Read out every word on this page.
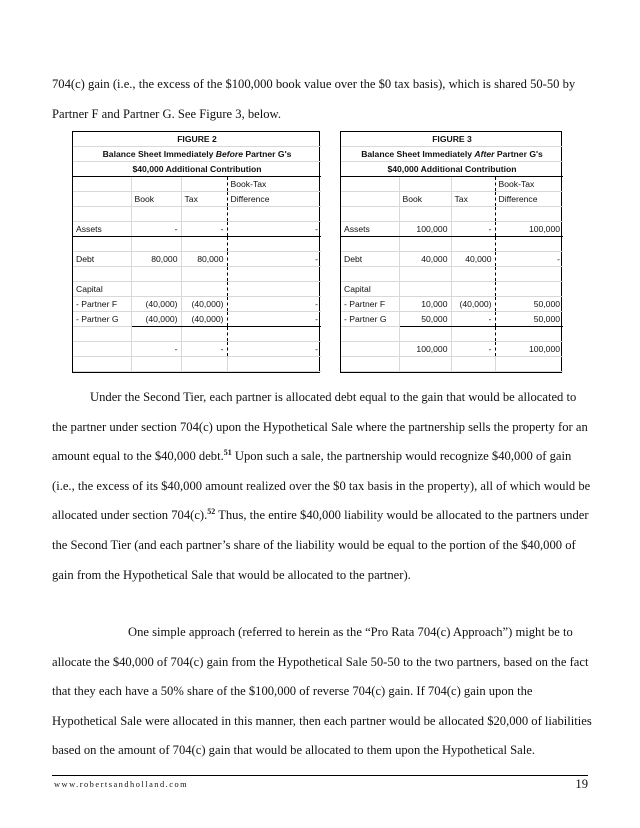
704(c) gain (i.e., the excess of the $100,000 book value over the $0 tax basis), which is shared 50-50 by
Partner F and Partner G. See Figure 3, below.

FIGURE 2			
Balance Sheet Immediately Before Partner G's			
$40,000 Additional Contribution			
			Book-Tax
	Book	Tax	Difference

Assets	-	-	-

Debt	80,000	80,000	-

Capital			
- Partner F	(40,000)	(40,000)	-
- Partner G	(40,000)	(40,000)	-

	-	-	-

FIGURE 3			
Balance Sheet Immediately After Partner G's			
$40,000 Additional Contribution			
			Book-Tax
	Book	Tax	Difference

Assets	100,000	-	100,000

Debt	40,000	40,000	-

Capital			
- Partner F	10,000	(40,000)	50,000
- Partner G	50,000	-	50,000

	100,000	-	100,000

Under the Second Tier, each partner is allocated debt equal to the gain that would be allocated to the partner under section 704(c) upon the Hypothetical Sale where the partnership sells the property for an amount equal to the $40,000 debt.$^{51}$ Upon such a sale, the partnership would recognize $40,000 of gain (i.e., the excess of its $40,000 amount realized over the $0 tax basis in the property), all of which would be allocated under section 704(c).$^{52}$ Thus, the entire $40,000 liability would be allocated to the partners under the Second Tier (and each partner’s share of the liability would be equal to the portion of the $40,000 of gain from the Hypothetical Sale that would be allocated to the partner).

One simple approach (referred to herein as the “Pro Rata 704(c) Approach”) might be to allocate the $40,000 of 704(c) gain from the Hypothetical Sale 50-50 to the two partners, based on the fact that they each have a 50% share of the $100,000 of reverse 704(c) gain. If 704(c) gain upon the Hypothetical Sale were allocated in this manner, then each partner would be allocated $20,000 of liabilities based on the amount of 704(c) gain that would be allocated to them upon the Hypothetical Sale.

www.robertsandholland.com	19
